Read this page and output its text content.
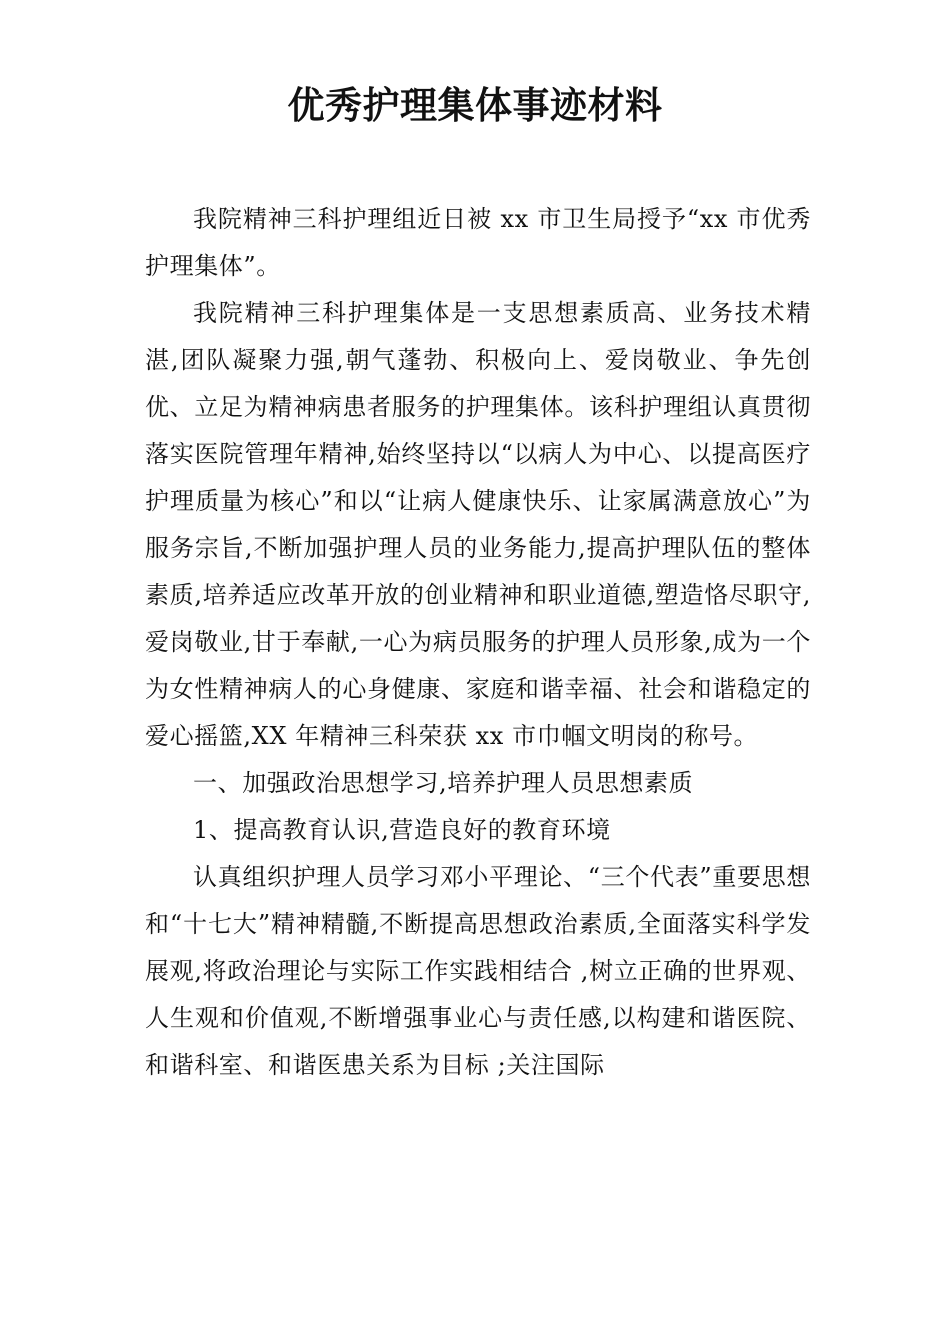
优秀护理集体事迹材料

我院精神三科护理组近日被 xx 市卫生局授予“xx 市优秀护理集体”。

我院精神三科护理集体是一支思想素质高、业务技术精湛,团队凝聚力强,朝气蓬勃、积极向上、爱岗敬业、争先创优、立足为精神病患者服务的护理集体。该科护理组认真贯彻落实医院管理年精神,始终坚持以“以病人为中心、以提高医疗护理质量为核心”和以“让病人健康快乐、让家属满意放心”为服务宗旨,不断加强护理人员的业务能力,提高护理队伍的整体素质,培养适应改革开放的创业精神和职业道德,塑造恪尽职守,爱岗敬业,甘于奉献,一心为病员服务的护理人员形象,成为一个为女性精神病人的心身健康、家庭和谐幸福、社会和谐稳定的爱心摇篮,XX 年精神三科荣获 xx 市巾帼文明岗的称号。

一、加强政治思想学习,培养护理人员思想素质

1、提高教育认识,营造良好的教育环境

认真组织护理人员学习邓小平理论、“三个代表”重要思想和“十七大”精神精髓,不断提高思想政治素质,全面落实科学发展观,将政治理论与实际工作实践相结合 ,树立正确的世界观、人生观和价值观,不断增强事业心与责任感,以构建和谐医院、和谐科室、和谐医患关系为目标 ;关注国际
